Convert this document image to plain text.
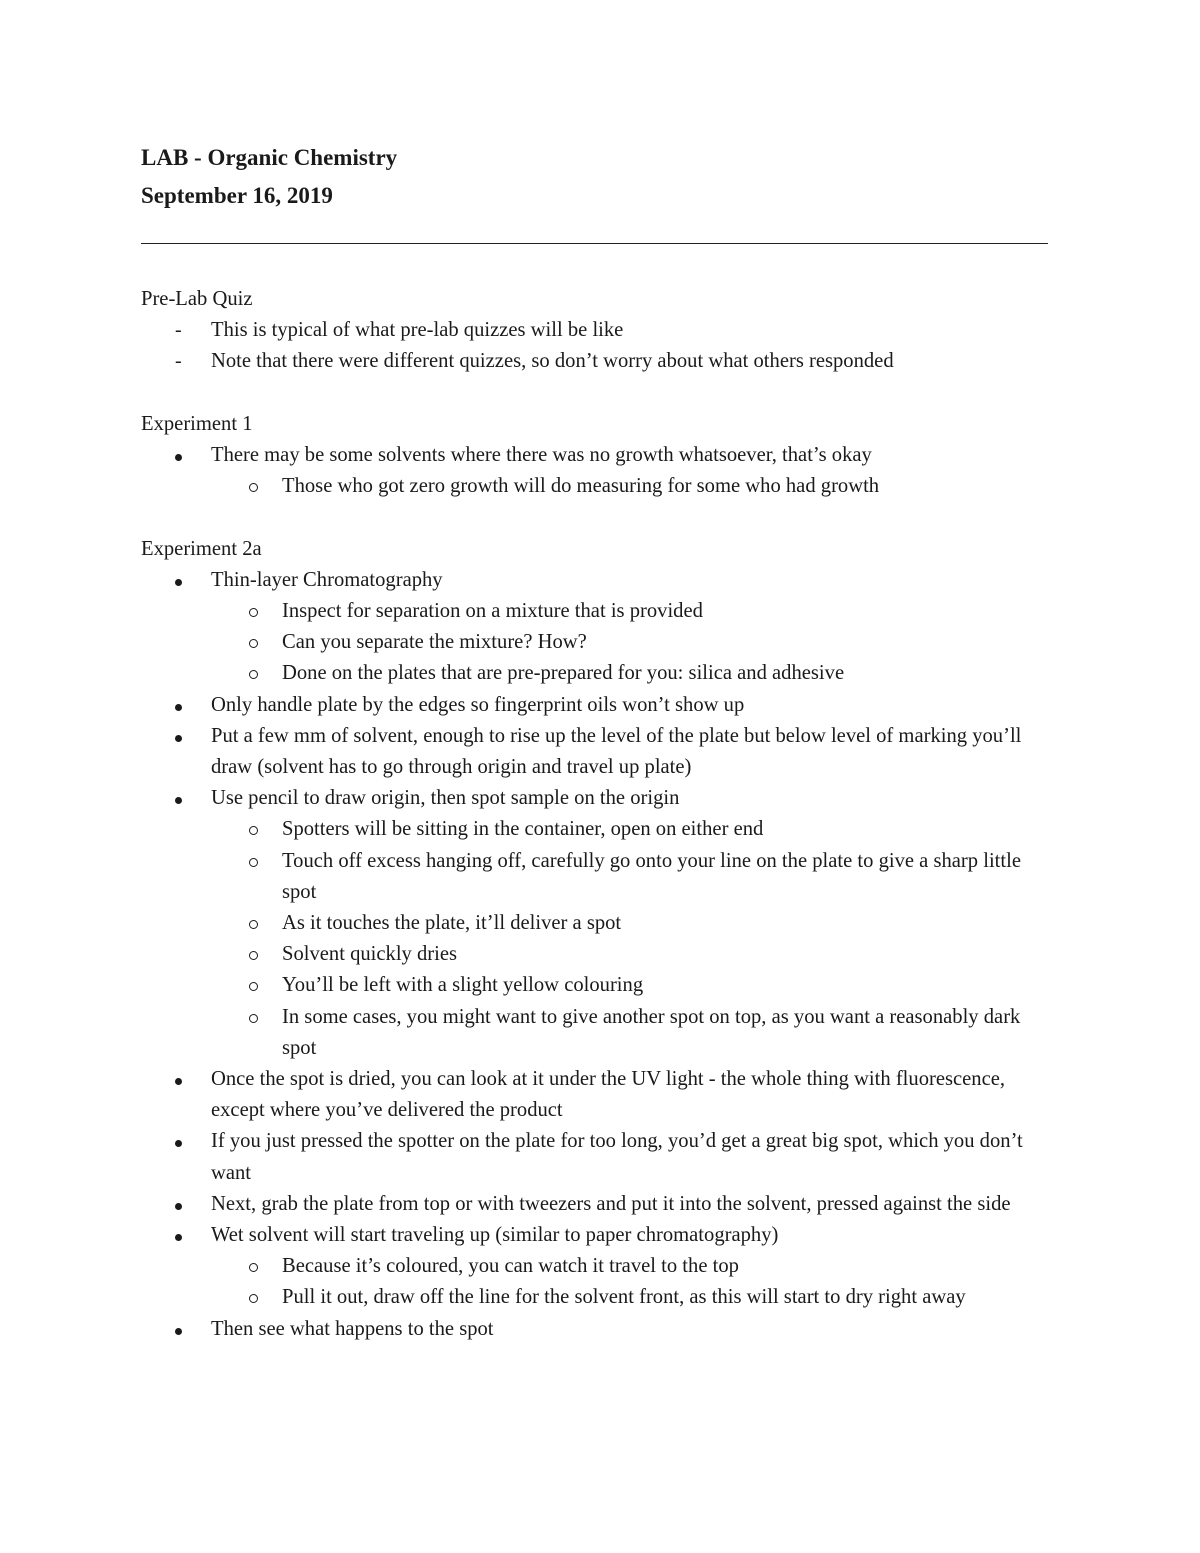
LAB - Organic Chemistry
September 16, 2019
Pre-Lab Quiz
- This is typical of what pre-lab quizzes will be like
- Note that there were different quizzes, so don’t worry about what others responded
Experiment 1
There may be some solvents where there was no growth whatsoever, that’s okay
Those who got zero growth will do measuring for some who had growth
Experiment 2a
Thin-layer Chromatography
Inspect for separation on a mixture that is provided
Can you separate the mixture? How?
Done on the plates that are pre-prepared for you: silica and adhesive
Only handle plate by the edges so fingerprint oils won’t show up
Put a few mm of solvent, enough to rise up the level of the plate but below level of marking you’ll draw (solvent has to go through origin and travel up plate)
Use pencil to draw origin, then spot sample on the origin
Spotters will be sitting in the container, open on either end
Touch off excess hanging off, carefully go onto your line on the plate to give a sharp little spot
As it touches the plate, it’ll deliver a spot
Solvent quickly dries
You’ll be left with a slight yellow colouring
In some cases, you might want to give another spot on top, as you want a reasonably dark spot
Once the spot is dried, you can look at it under the UV light - the whole thing with fluorescence, except where you’ve delivered the product
If you just pressed the spotter on the plate for too long, you’d get a great big spot, which you don’t want
Next, grab the plate from top or with tweezers and put it into the solvent, pressed against the side
Wet solvent will start traveling up (similar to paper chromatography)
Because it’s coloured, you can watch it travel to the top
Pull it out, draw off the line for the solvent front, as this will start to dry right away
Then see what happens to the spot
